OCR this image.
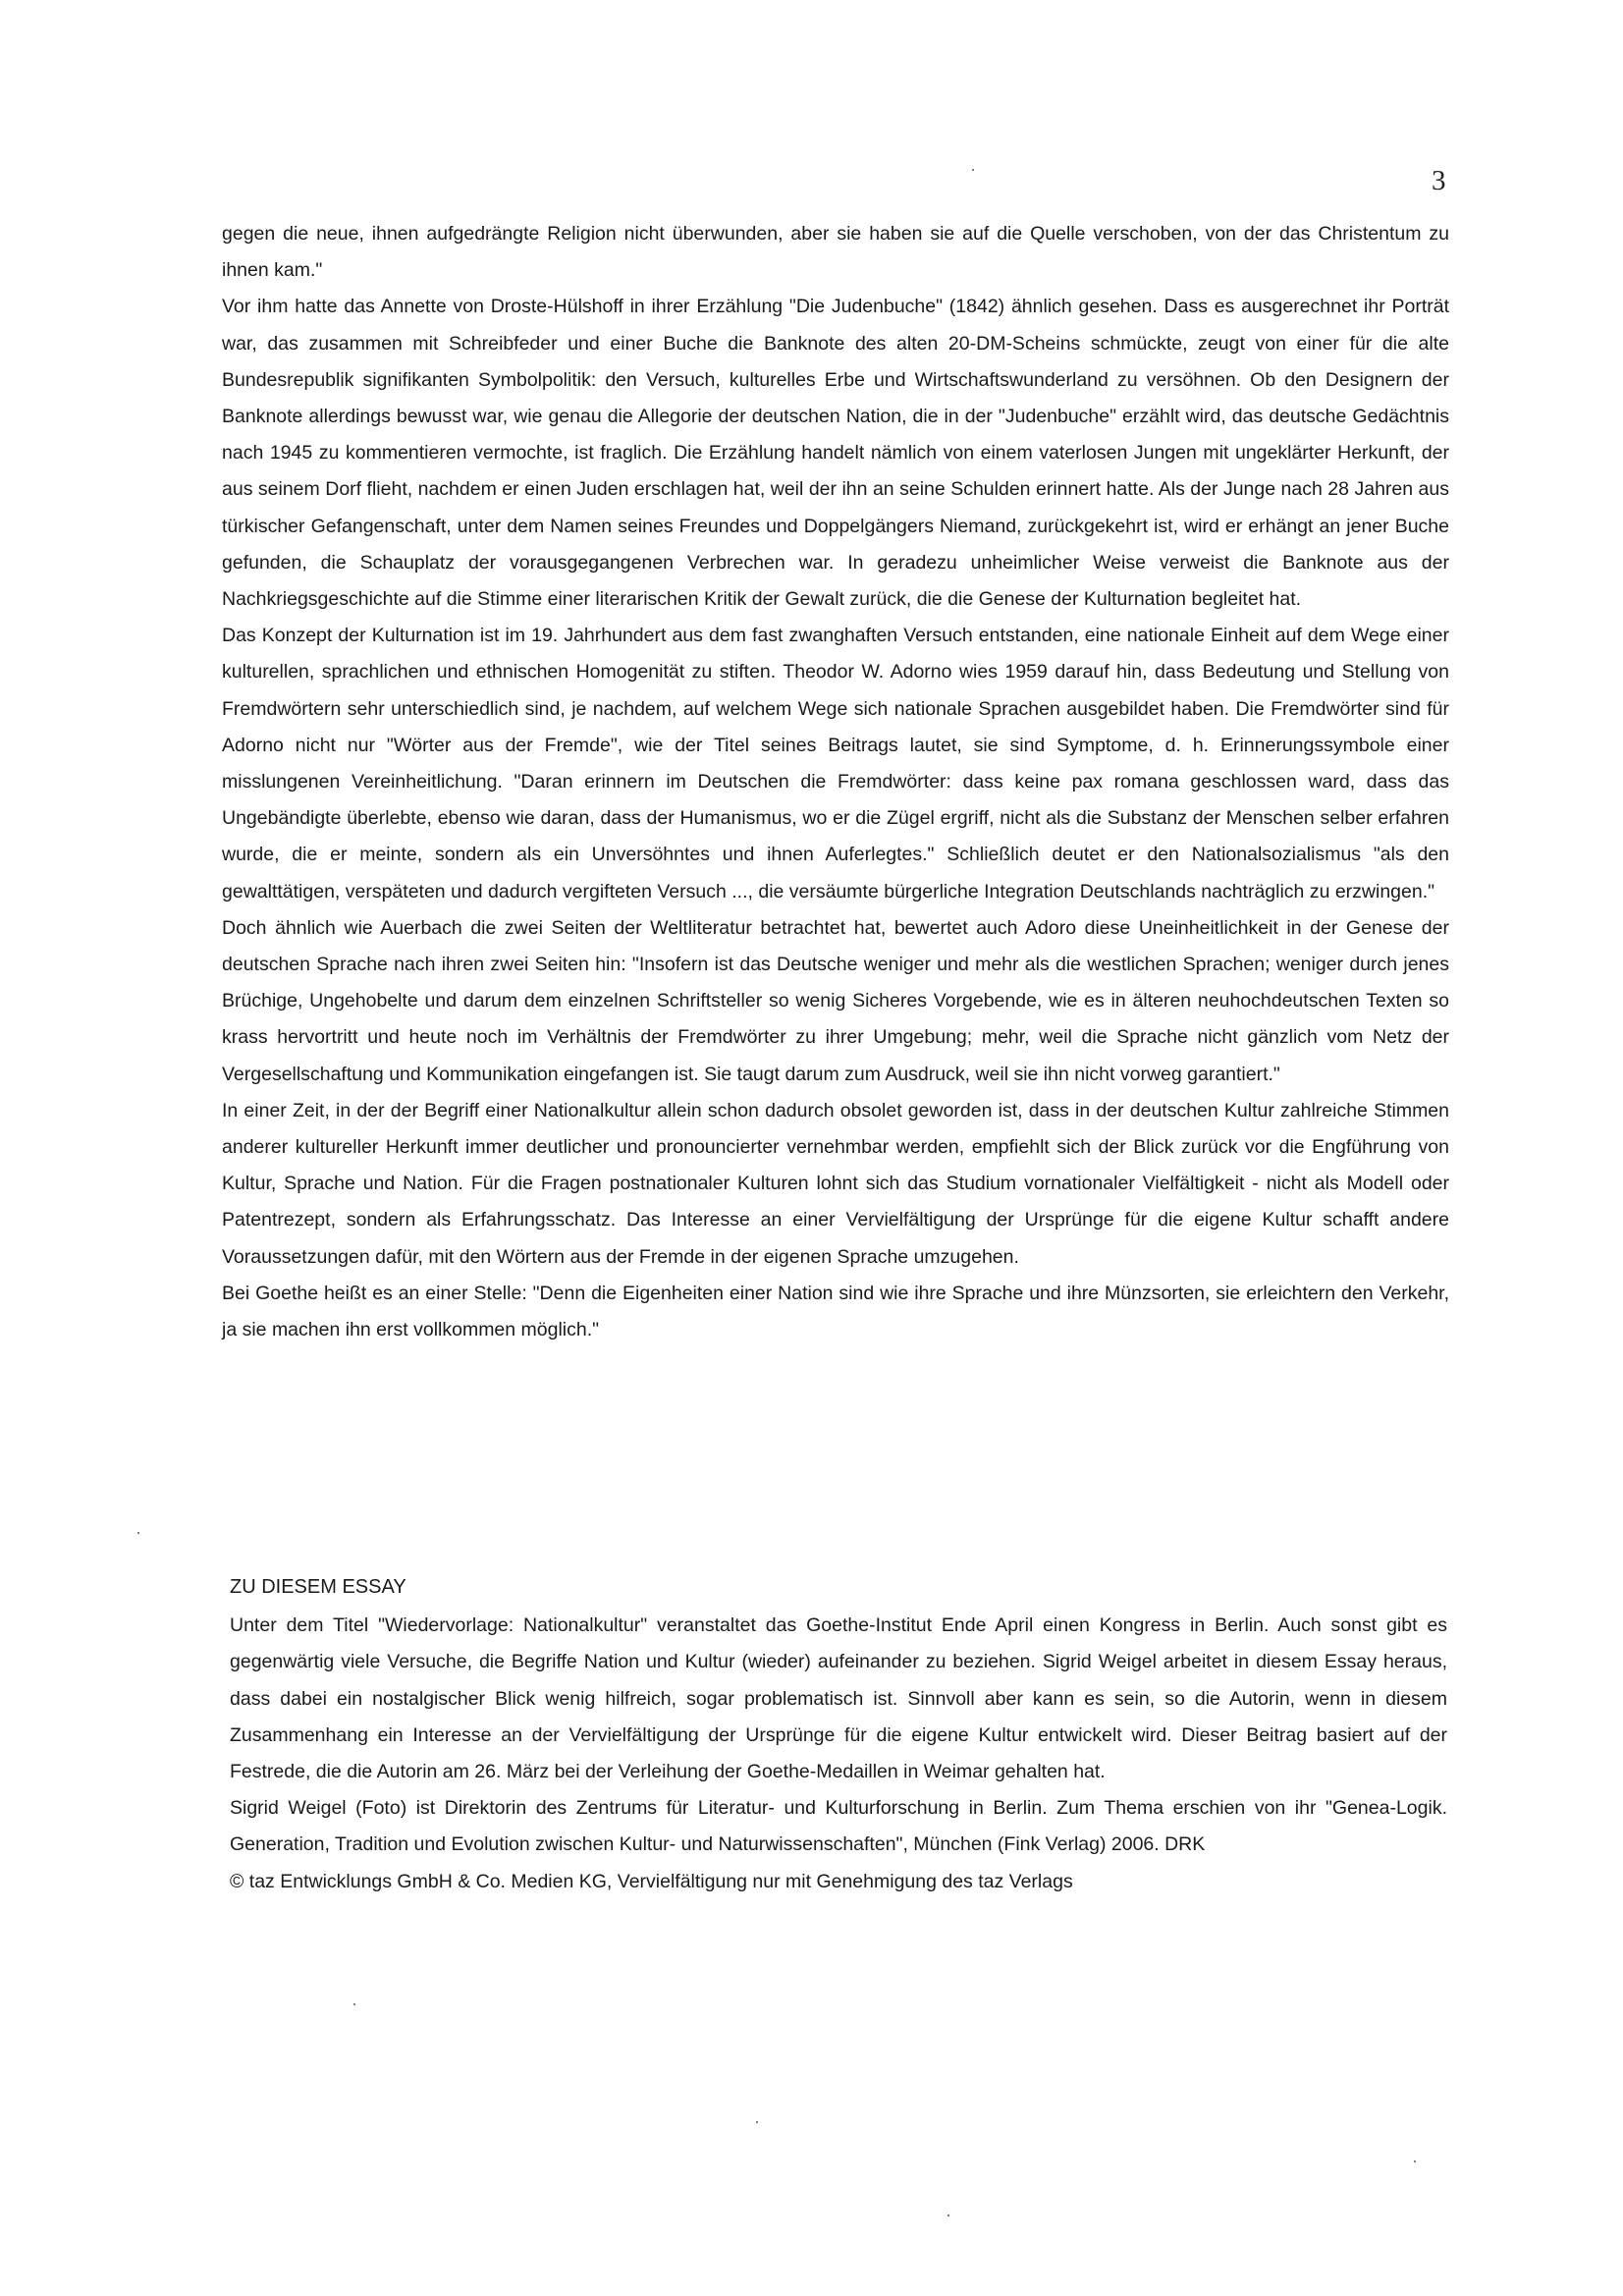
3

gegen die neue, ihnen aufgedrängte Religion nicht überwunden, aber sie haben sie auf die Quelle verschoben, von der das Christentum zu ihnen kam."

Vor ihm hatte das Annette von Droste-Hülshoff in ihrer Erzählung "Die Judenbuche" (1842) ähnlich gesehen. Dass es ausgerechnet ihr Porträt war, das zusammen mit Schreibfeder und einer Buche die Banknote des alten 20-DM-Scheins schmückte, zeugt von einer für die alte Bundesrepublik signifikanten Symbolpolitik: den Versuch, kulturelles Erbe und Wirtschaftswunderland zu versöhnen. Ob den Designern der Banknote allerdings bewusst war, wie genau die Allegorie der deutschen Nation, die in der "Judenbuche" erzählt wird, das deutsche Gedächtnis nach 1945 zu kommentieren vermochte, ist fraglich. Die Erzählung handelt nämlich von einem vaterlosen Jungen mit ungeklärter Herkunft, der aus seinem Dorf flieht, nachdem er einen Juden erschlagen hat, weil der ihn an seine Schulden erinnert hatte. Als der Junge nach 28 Jahren aus türkischer Gefangenschaft, unter dem Namen seines Freundes und Doppelgängers Niemand, zurückgekehrt ist, wird er erhängt an jener Buche gefunden, die Schauplatz der vorausgegangenen Verbrechen war. In geradezu unheimlicher Weise verweist die Banknote aus der Nachkriegsgeschichte auf die Stimme einer literarischen Kritik der Gewalt zurück, die die Genese der Kulturnation begleitet hat.

Das Konzept der Kulturnation ist im 19. Jahrhundert aus dem fast zwanghaften Versuch entstanden, eine nationale Einheit auf dem Wege einer kulturellen, sprachlichen und ethnischen Homogenität zu stiften. Theodor W. Adorno wies 1959 darauf hin, dass Bedeutung und Stellung von Fremdwörtern sehr unterschiedlich sind, je nachdem, auf welchem Wege sich nationale Sprachen ausgebildet haben. Die Fremdwörter sind für Adorno nicht nur "Wörter aus der Fremde", wie der Titel seines Beitrags lautet, sie sind Symptome, d. h. Erinnerungssymbole einer misslungenen Vereinheitlichung. "Daran erinnern im Deutschen die Fremdwörter: dass keine pax romana geschlossen ward, dass das Ungebändigte überlebte, ebenso wie daran, dass der Humanismus, wo er die Zügel ergriff, nicht als die Substanz der Menschen selber erfahren wurde, die er meinte, sondern als ein Unversöhntes und ihnen Auferlegtes." Schließlich deutet er den Nationalsozialismus "als den gewalttätigen, verspäteten und dadurch vergifteten Versuch ..., die versäumte bürgerliche Integration Deutschlands nachträglich zu erzwingen."

Doch ähnlich wie Auerbach die zwei Seiten der Weltliteratur betrachtet hat, bewertet auch Adoro diese Uneinheitlichkeit in der Genese der deutschen Sprache nach ihren zwei Seiten hin: "Insofern ist das Deutsche weniger und mehr als die westlichen Sprachen; weniger durch jenes Brüchige, Ungehobelte und darum dem einzelnen Schriftsteller so wenig Sicheres Vorgebende, wie es in älteren neuhochdeutschen Texten so krass hervortritt und heute noch im Verhältnis der Fremdwörter zu ihrer Umgebung; mehr, weil die Sprache nicht gänzlich vom Netz der Vergesellschaftung und Kommunikation eingefangen ist. Sie taugt darum zum Ausdruck, weil sie ihn nicht vorweg garantiert."

In einer Zeit, in der der Begriff einer Nationalkultur allein schon dadurch obsolet geworden ist, dass in der deutschen Kultur zahlreiche Stimmen anderer kultureller Herkunft immer deutlicher und pronouncierter vernehmbar werden, empfiehlt sich der Blick zurück vor die Engführung von Kultur, Sprache und Nation. Für die Fragen postnationaler Kulturen lohnt sich das Studium vornationaler Vielfältigkeit - nicht als Modell oder Patentrezept, sondern als Erfahrungsschatz. Das Interesse an einer Vervielfältigung der Ursprünge für die eigene Kultur schafft andere Voraussetzungen dafür, mit den Wörtern aus der Fremde in der eigenen Sprache umzugehen.

Bei Goethe heißt es an einer Stelle: "Denn die Eigenheiten einer Nation sind wie ihre Sprache und ihre Münzsorten, sie erleichtern den Verkehr, ja sie machen ihn erst vollkommen möglich."

ZU DIESEM ESSAY

Unter dem Titel "Wiedervorlage: Nationalkultur" veranstaltet das Goethe-Institut Ende April einen Kongress in Berlin. Auch sonst gibt es gegenwärtig viele Versuche, die Begriffe Nation und Kultur (wieder) aufeinander zu beziehen. Sigrid Weigel arbeitet in diesem Essay heraus, dass dabei ein nostalgischer Blick wenig hilfreich, sogar problematisch ist. Sinnvoll aber kann es sein, so die Autorin, wenn in diesem Zusammenhang ein Interesse an der Vervielfältigung der Ursprünge für die eigene Kultur entwickelt wird. Dieser Beitrag basiert auf der Festrede, die die Autorin am 26. März bei der Verleihung der Goethe-Medaillen in Weimar gehalten hat.

Sigrid Weigel (Foto) ist Direktorin des Zentrums für Literatur- und Kulturforschung in Berlin. Zum Thema erschien von ihr "Genea-Logik. Generation, Tradition und Evolution zwischen Kultur- und Naturwissenschaften", München (Fink Verlag) 2006. DRK

© taz Entwicklungs GmbH & Co. Medien KG, Vervielfältigung nur mit Genehmigung des taz Verlags
